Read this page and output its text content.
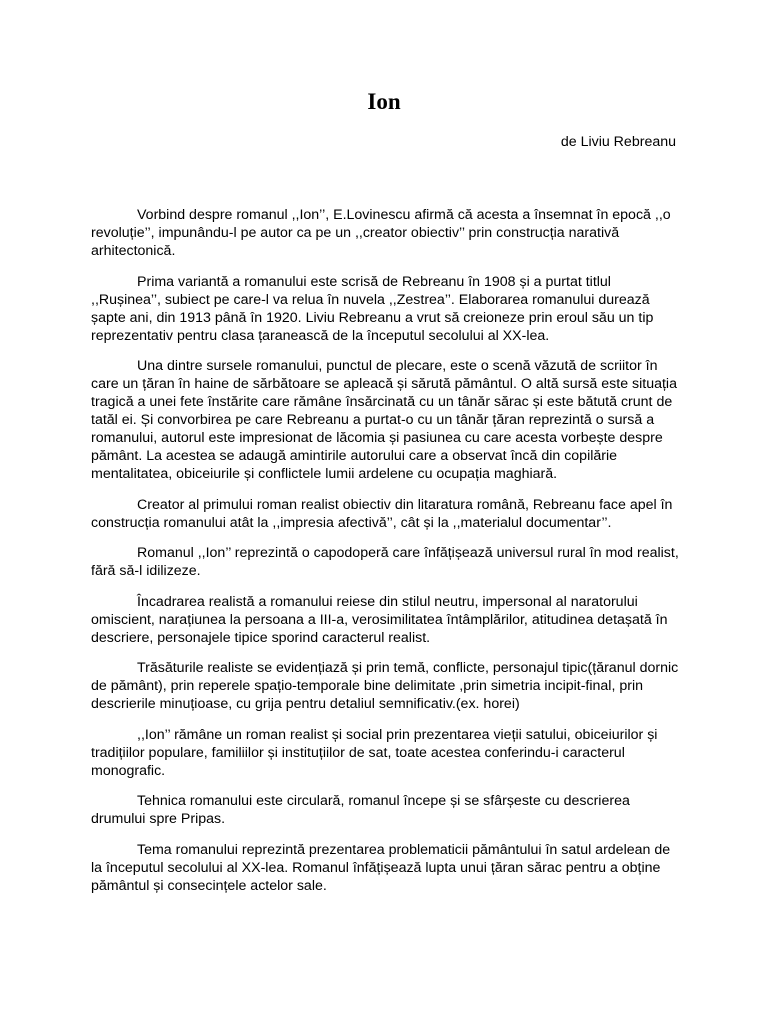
Ion
de Liviu Rebreanu

Vorbind despre romanul ,,Ion’’, E.Lovinescu afirmă că acesta a însemnat în epocă ,,o revoluție’’, impunându-l pe autor ca pe un ,,creator obiectiv’’ prin construcția narativă arhitectonică.

Prima variantă a romanului este scrisă de Rebreanu în 1908 și a purtat titlul ,,Rușinea’’, subiect pe care-l va relua în nuvela ,,Zestrea’’. Elaborarea romanului durează șapte ani, din 1913 până în 1920. Liviu Rebreanu a vrut să creioneze prin eroul său un tip reprezentativ pentru clasa țaranească de la începutul secolului al XX-lea.

Una dintre sursele romanului, punctul de plecare, este o scenă văzută de scriitor în care un țăran în haine de sărbătoare se apleacă și sărută pământul. O altă sursă este situația tragică a unei fete înstărite care rămâne însărcinată cu un tânăr sărac și este bătută crunt de tatăl ei. Și convorbirea pe care Rebreanu a purtat-o cu un tânăr țăran reprezintă o sursă a romanului, autorul este impresionat de lăcomia și pasiunea cu care acesta vorbește despre pământ. La acestea se adaugă amintirile autorului care a observat încă din copilărie mentalitatea, obiceiurile și conflictele lumii ardelene cu ocupația maghiară.

Creator al primului roman realist obiectiv din litaratura română, Rebreanu face apel în construcția romanului atât la ,,impresia afectivă’’, cât și la ,,materialul documentar’’.

Romanul ,,Ion’’ reprezintă o capodoperă care înfățișează universul rural în mod realist, fără să-l idilizeze.

Încadrarea realistă a romanului reiese din stilul neutru, impersonal al naratorului omiscient, narațiunea la persoana a III-a, verosimilitatea întâmplărilor, atitudinea detașată în descriere, personajele tipice sporind caracterul realist.

Trăsăturile realiste se evidențiază și prin temă, conflicte, personajul tipic(țăranul dornic de pământ), prin reperele spațio-temporale bine delimitate ,prin simetria incipit-final, prin descrierile minuțioase, cu grija pentru detaliul semnificativ.(ex. horei)

,,Ion’’ rămâne un roman realist și social prin prezentarea vieții satului, obiceiurilor și tradițiilor populare, familiilor și instituțiilor de sat, toate acestea conferindu-i caracterul monografic.

Tehnica romanului este circulară, romanul începe și se sfârșeste cu descrierea drumului spre Pripas.

Tema romanului reprezintă prezentarea problematicii pământului în satul ardelean de la începutul secolului al XX-lea. Romanul înfățișează lupta unui țăran sărac pentru a obține pământul și consecințele actelor sale.
